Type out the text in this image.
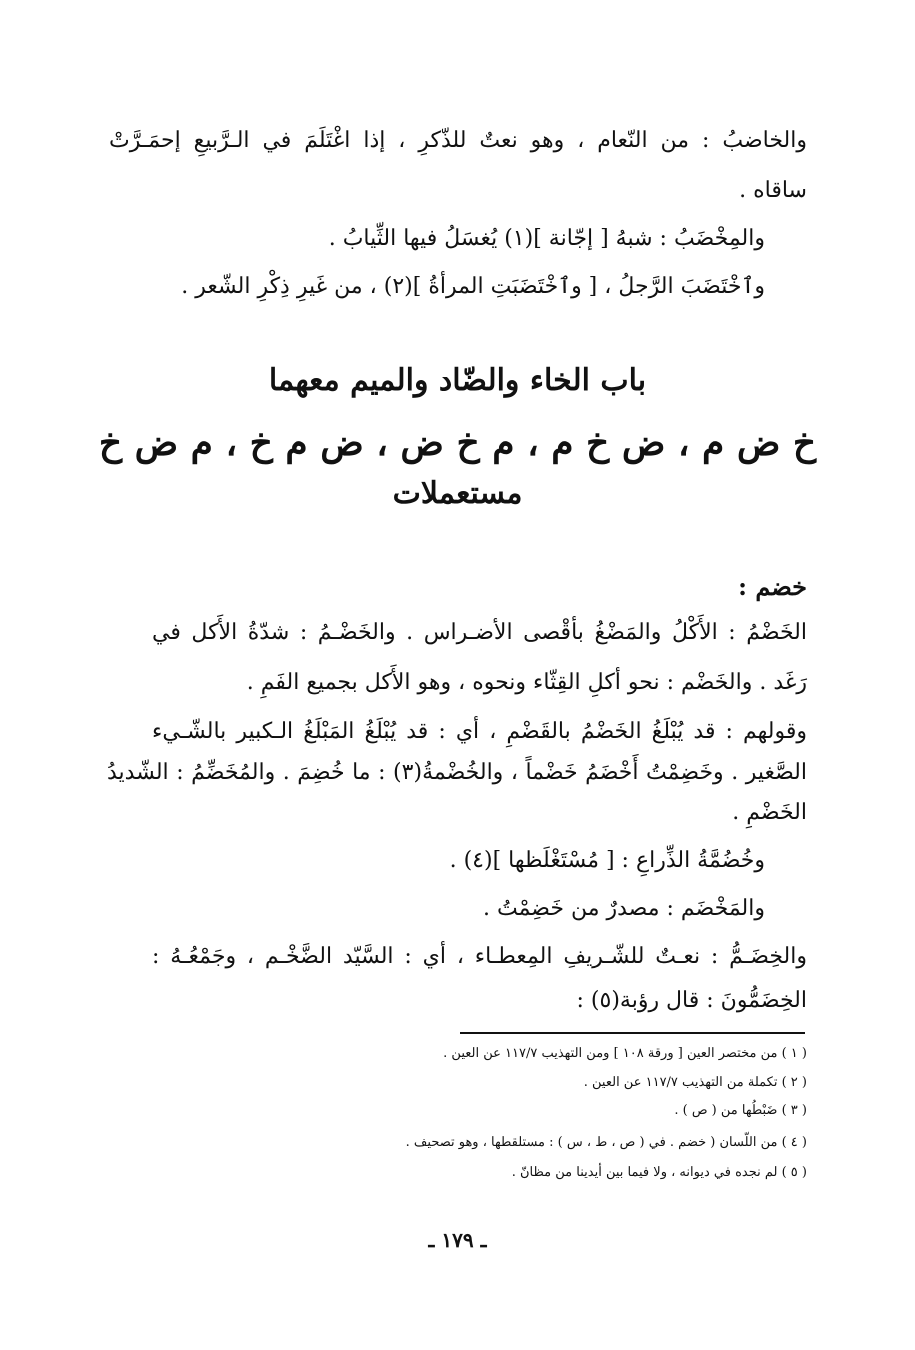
والخاضبُ : من النّعام ، وهو نعتٌ للذّكرِ ، إذا اغْتَلَمَ في الـرَّبيعِ إحمَـرَّتْ
ساقاه .
والمِخْضَبُ : شبهُ [ إجّانة ](١) يُغسَلُ فيها الثِّيابُ .
وٱخْتَضَبَ الرَّجلُ ، [ وٱخْتَضَبَتِ المرأةُ ](٢) ، من غَيرِ ذِكْرِ الشّعر .
باب الخاء والضّاد والميم معهما
خ ض م ، ض خ م ، م خ ض ، ض م خ ، م ض خ
مستعملات
خضم :
الخَضْمُ : الأَكْلُ والمَضْغُ بأقْصى الأضـراس . والخَضْـمُ : شدّةُ الأَكل في
رَغَد . والخَضْم : نحو أكلِ القِثّاء ونحوه ، وهو الأَكل بجميع الفَمِ .
وقولهم : قد يُبْلَغُ الخَضْمُ بالقَضْمِ ، أي : قد يُبْلَغُ المَبْلَغُ الـكبير بالشّـيء
الصَّغير . وخَضِمْتُ أَخْضَمُ خَضْماً ، والخُضْمةُ(٣) : ما خُضِمَ . والمُخَضِّمُ : الشّديدُ
الخَضْمِ .
وخُضُمَّةُ الذِّراعِ : [ مُسْتَغْلَظها ](٤) .
والمَخْضَم : مصدرٌ من خَضِمْتُ .
والخِضَـمُّ : نعـتٌ للشّـريفِ المِعطـاء ، أي : السَّيّد الضَّخْـم ، وجَمْعُـهُ :
الخِضَمُّونَ : قال رؤبة(٥) :
( ١ ) من مختصر العين [ ورقة ١٠٨ ] ومن التهذيب ١١٧/٧ عن العين .
( ٢ ) تكملة من التهذيب ١١٧/٧ عن العين .
( ٣ ) ضَبْطُها من ( ص ) .
( ٤ ) من اللّسان ( خضم . في ( ص ، ط ، س ) : مستلقطها ، وهو تصحيف .
( ٥ ) لم نجده في ديوانه ، ولا فيما بين أيدينا من مظانّ .
ـ ١٧٩ ـ
